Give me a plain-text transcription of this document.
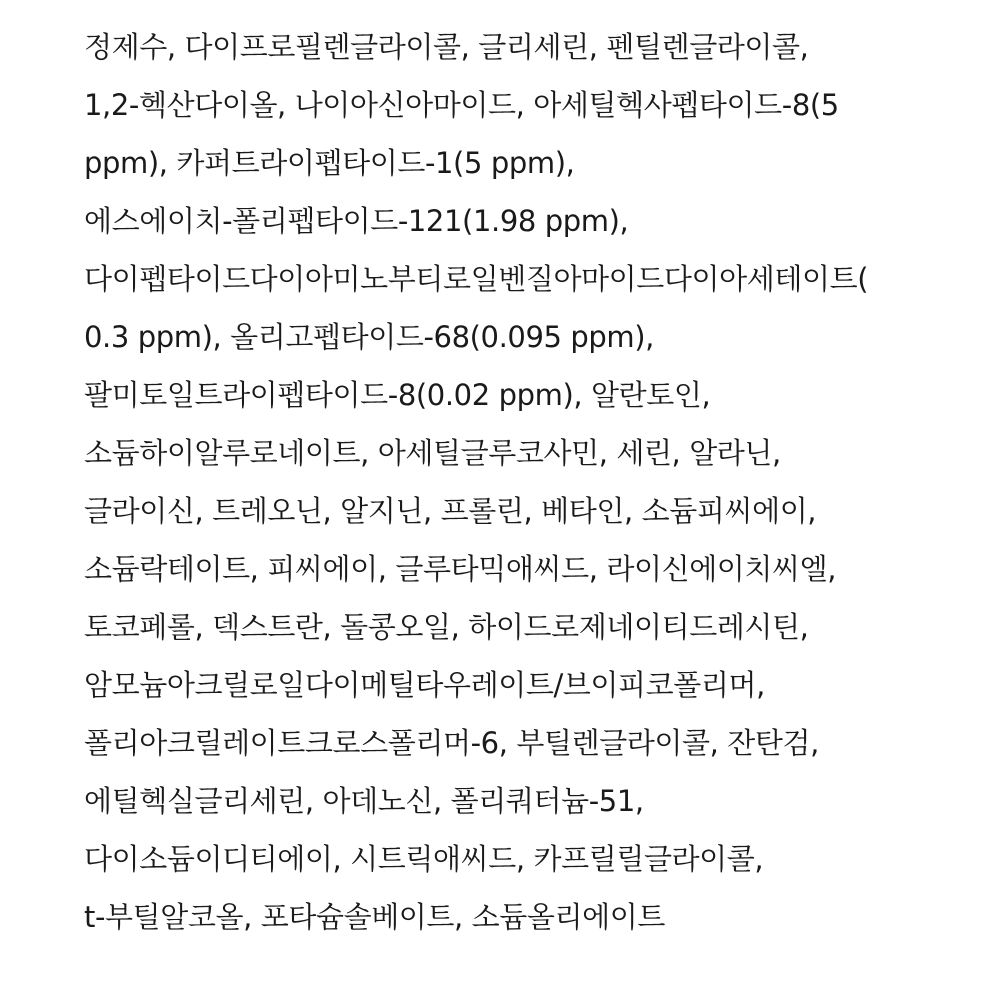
정제수, 다이프로필렌글라이콜, 글리세린, 펜틸렌글라이콜,
1,2-헥산다이올, 나이아신아마이드, 아세틸헥사펩타이드-8(5
ppm), 카퍼트라이펩타이드-1(5 ppm),
에스에이치-폴리펩타이드-121(1.98 ppm),
다이펩타이드다이아미노부티로일벤질아마이드다이아세테이트(
0.3 ppm), 올리고펩타이드-68(0.095 ppm),
팔미토일트라이펩타이드-8(0.02 ppm), 알란토인,
소듐하이알루로네이트, 아세틸글루코사민, 세린, 알라닌,
글라이신, 트레오닌, 알지닌, 프롤린, 베타인, 소듐피씨에이,
소듐락테이트, 피씨에이, 글루타믹애씨드, 라이신에이치씨엘,
토코페롤, 덱스트란, 돌콩오일, 하이드로제네이티드레시틴,
암모늄아크릴로일다이메틸타우레이트/브이피코폴리머,
폴리아크릴레이트크로스폴리머-6, 부틸렌글라이콜, 잔탄검,
에틸헥실글리세린, 아데노신, 폴리쿼터늄-51,
다이소듐이디티에이, 시트릭애씨드, 카프릴릴글라이콜,
t-부틸알코올, 포타슘솔베이트, 소듐올리에이트
